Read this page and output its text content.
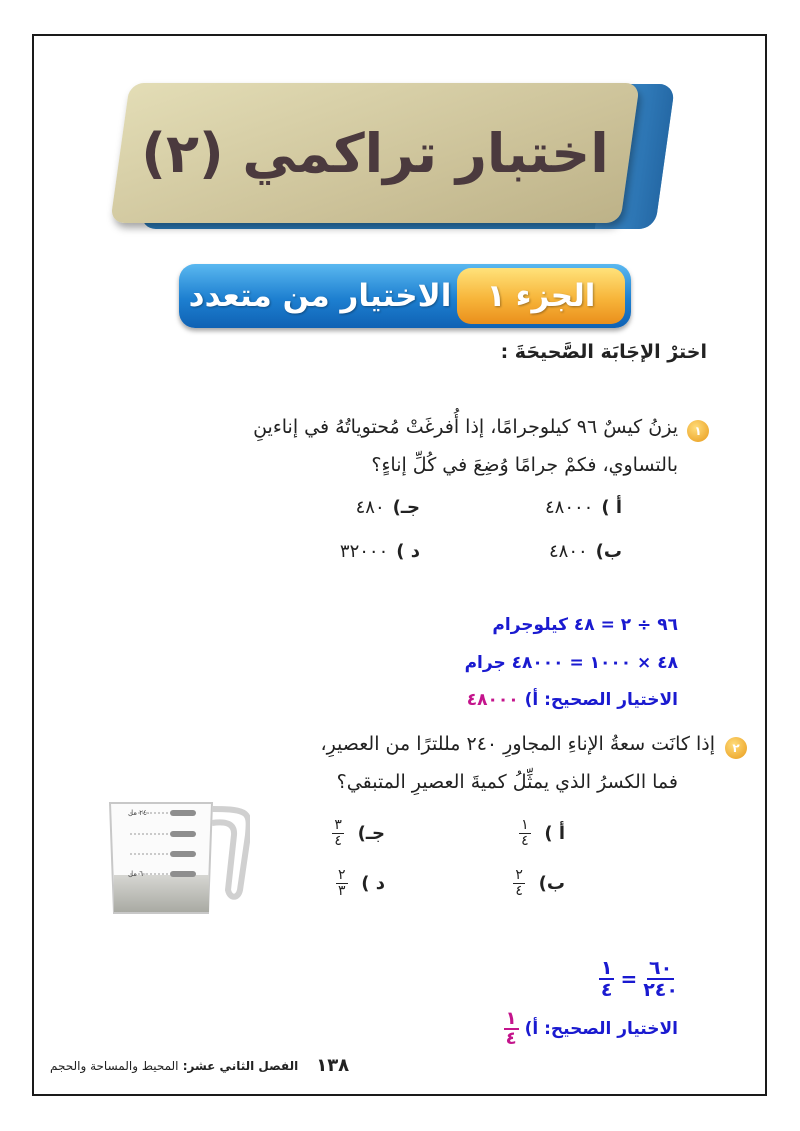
اختبار تراكمي (٢)
الجزء
١
الاختيار من متعدد
اخترْ الإجَابَة الصَّحيحَةَ :
١
يزنُ كيسٌ ٩٦ كيلوجرامًا، إذا أُفرغَتْ مُحتوياتُهُ في إناءينِ
بالتساوي، فكمْ جرامًا وُضِعَ في كُلِّ إناءٍ؟
أ )٤٨٠٠٠
جـ)٤٨٠
ب)٤٨٠٠
د )٣٢٠٠٠
٩٦ ÷ ٢ = ٤٨ كيلوجرام
٤٨ × ١٠٠٠ = ٤٨٠٠٠ جرام
الاختيار الصحيح: أ) ٤٨٠٠٠
٢
إذا كانَت سعةُ الإناءِ المجاورِ ٢٤٠ مللترًا من العصيرِ،
فما الكسرُ الذي يمثِّلُ كميةَ العصيرِ المتبقي؟
أ )
$\frac{١}{٤}$
جـ)
$\frac{٣}{٤}$
ب)
$\frac{٢}{٤}$
د )
$\frac{٢}{٣}$
٢٤٠ مل
٦٠ مل
$\frac{٦٠}{٢٤٠}$
=
$\frac{١}{٤}$
الاختيار الصحيح: أ)
$\frac{١}{٤}$
١٣٨
الفصل الثاني عشر: المحيط والمساحة والحجم
